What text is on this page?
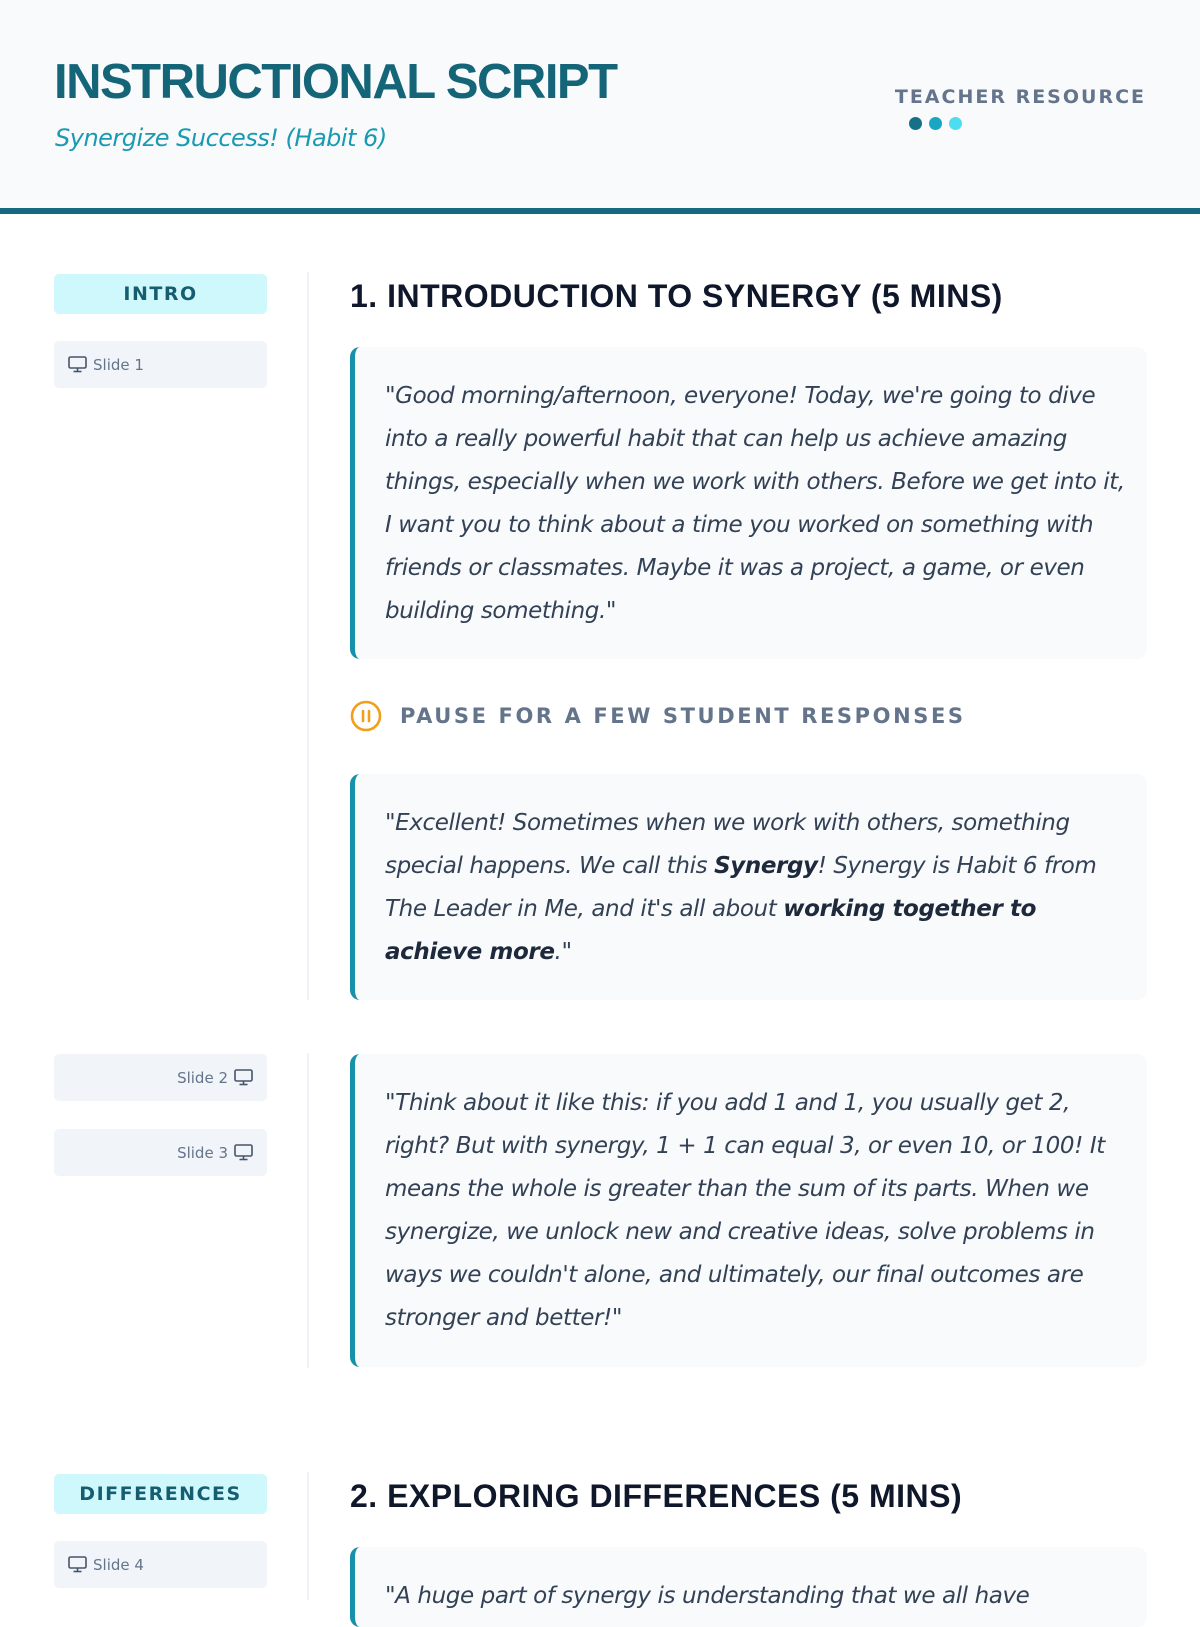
INSTRUCTIONAL SCRIPT
Synergize Success! (Habit 6)
TEACHER RESOURCE
INTRO
Slide 1
1. INTRODUCTION TO SYNERGY (5 MINS)
"Good morning/afternoon, everyone! Today, we're going to dive into a really powerful habit that can help us achieve amazing things, especially when we work with others. Before we get into it, I want you to think about a time you worked on something with friends or classmates. Maybe it was a project, a game, or even building something."
PAUSE FOR A FEW STUDENT RESPONSES
"Excellent! Sometimes when we work with others, something special happens. We call this Synergy! Synergy is Habit 6 from The Leader in Me, and it's all about working together to achieve more."
Slide 2
Slide 3
"Think about it like this: if you add 1 and 1, you usually get 2, right? But with synergy, 1 + 1 can equal 3, or even 10, or 100! It means the whole is greater than the sum of its parts. When we synergize, we unlock new and creative ideas, solve problems in ways we couldn't alone, and ultimately, our final outcomes are stronger and better!"
DIFFERENCES
Slide 4
2. EXPLORING DIFFERENCES (5 MINS)
"A huge part of synergy is understanding that we all have
